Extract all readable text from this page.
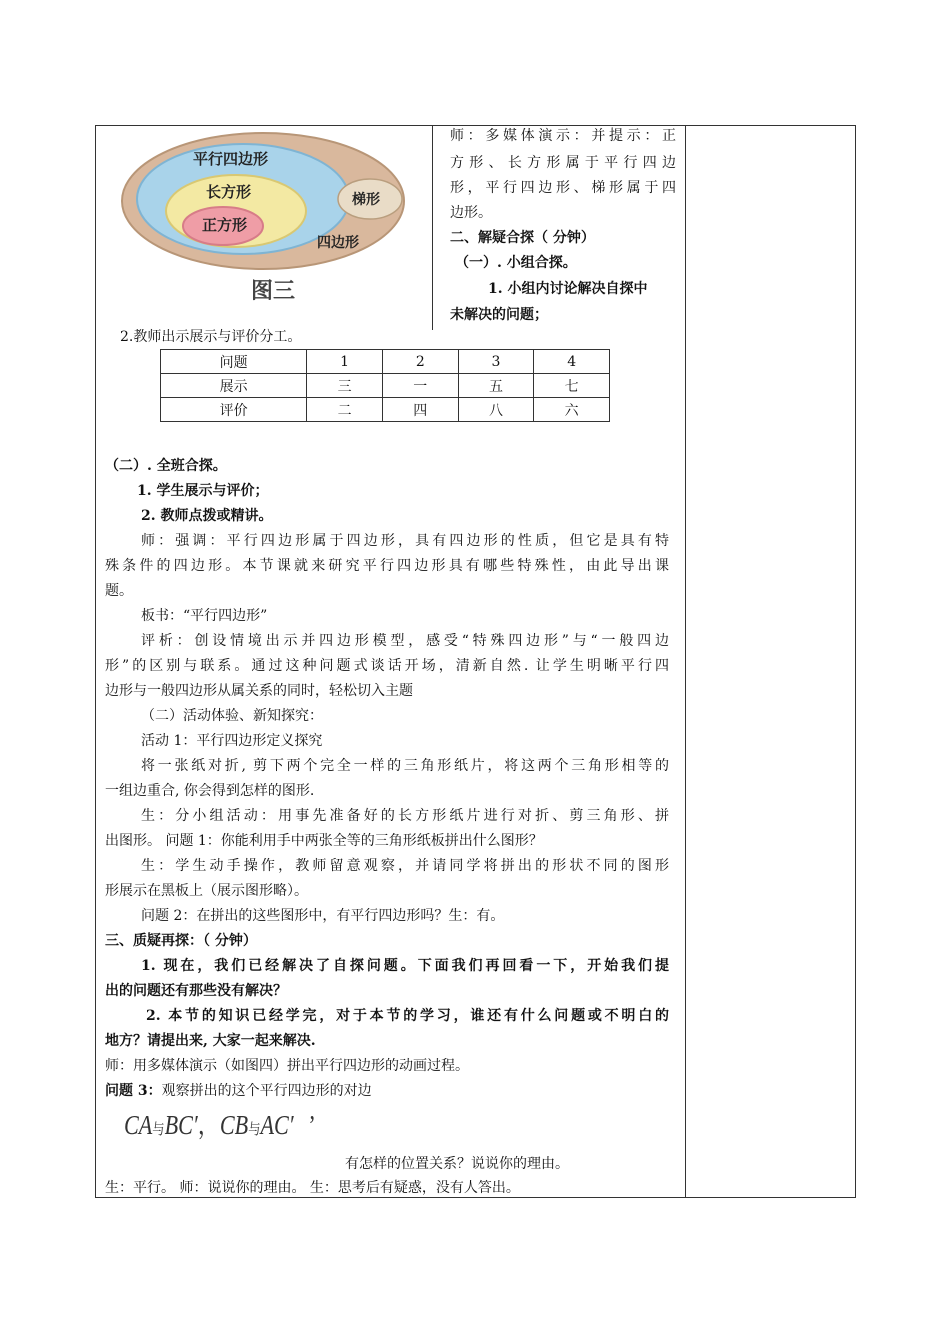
平行四边形
长方形
正方形
梯形
四边形
图三
师：多媒体演示：并提示：正
方形、长方形属于平行四边
形，平行四边形、梯形属于四
边形。
二、解疑合探（ 分钟）
（一）. 小组合探。
1. 小组内讨论解决自探中
未解决的问题；
2.教师出示展示与评价分工。
问题	1	2	3	4
展示	三	一	五	七
评价	二	四	八	六
（二）. 全班合探。
1. 学生展示与评价；
2. 教师点拨或精讲。
师：强调：平行四边形属于四边形，具有四边形的性质，但它是具有特
殊条件的四边形。本节课就来研究平行四边形具有哪些特殊性，由此导出课
题。
板书：“平行四边形”
评析：创设情境出示并四边形模型，感受“特殊四边形”与“一般四边
形”的区别与联系。通过这种问题式谈话开场，清新自然. 让学生明晰平行四
边形与一般四边形从属关系的同时，轻松切入主题
（二）活动体验、新知探究：
活动 1：平行四边形定义探究
将一张纸对折, 剪下两个完全一样的三角形纸片，将这两个三角形相等的
一组边重合, 你会得到怎样的图形.
生：分小组活动：用事先准备好的长方形纸片进行对折、剪三角形、拼
出图形。 问题 1：你能利用手中两张全等的三角形纸板拼出什么图形？
生：学生动手操作，教师留意观察，并请同学将拼出的形状不同的图形
形展示在黑板上（展示图形略）。
问题 2：在拼出的这些图形中，有平行四边形吗？生：有。
三、质疑再探：（ 分钟）
1. 现在，我们已经解决了自探问题。下面我们再回看一下，开始我们提
出的问题还有那些没有解决？
2. 本节的知识已经学完，对于本节的学习，谁还有什么问题或不明白的
地方？请提出来, 大家一起来解决.
师：用多媒体演示（如图四）拼出平行四边形的动画过程。
问题 3：观察拼出的这个平行四边形的对边
CA与BC′，CB与AC′ ’
有怎样的位置关系？说说你的理由。
生：平行。 师：说说你的理由。 生：思考后有疑惑，没有人答出。
